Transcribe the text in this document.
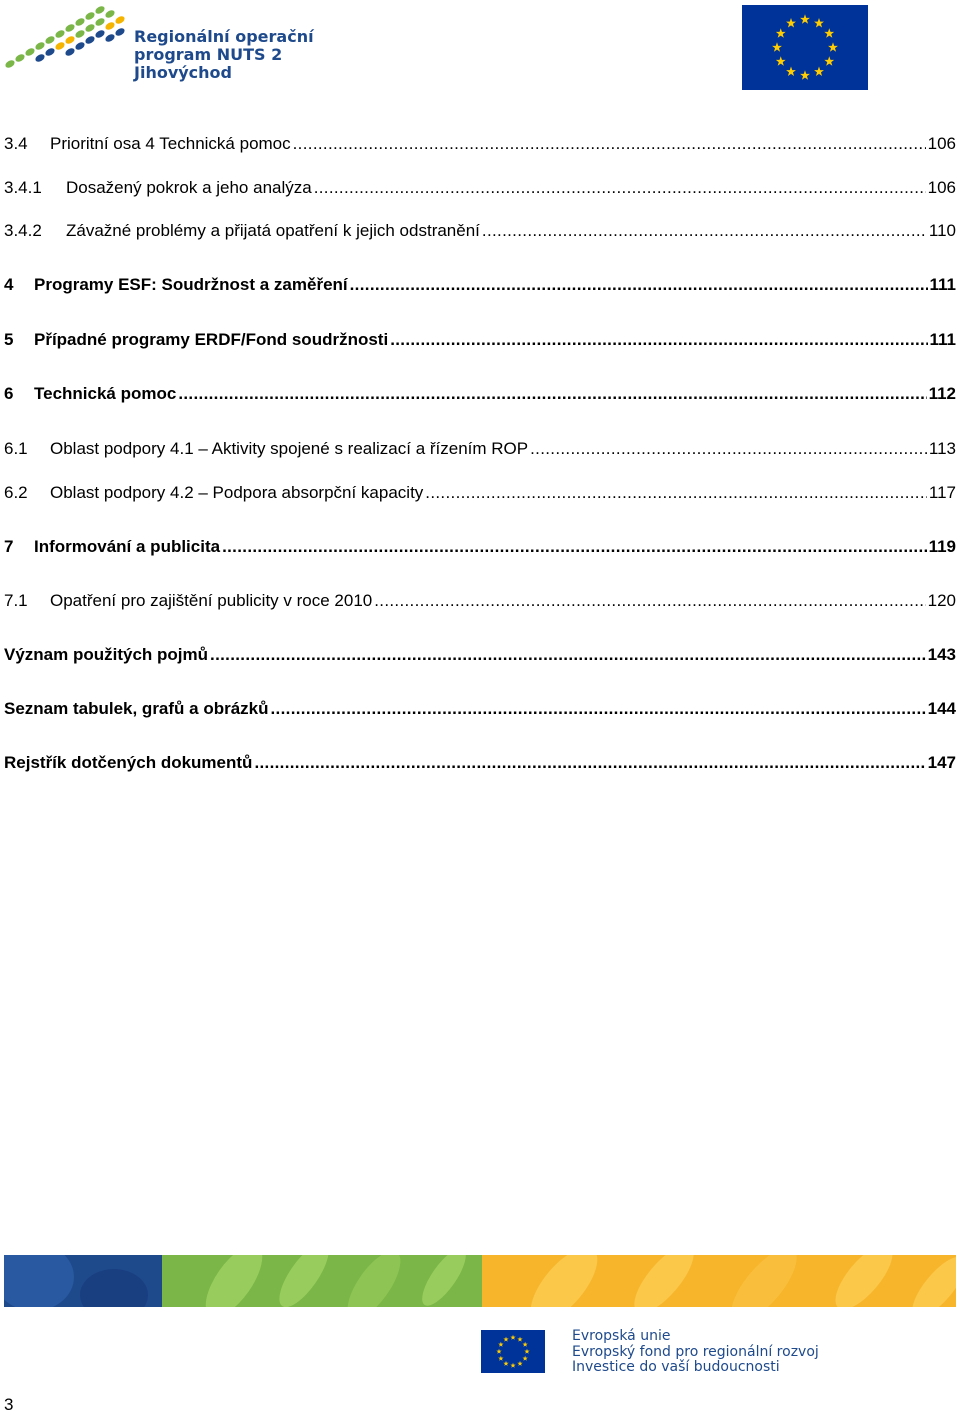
Regionální operační
program NUTS 2
Jihovýchod
3.4	Prioritní osa 4 Technická pomoc . . .	106
3.4.1	Dosažený pokrok a jeho analýza . . .	106
3.4.2	Závažné problémy a přijatá opatření k jejich odstranění . . .	110
4	Programy ESF: Soudržnost a zaměření . . .	111
5	Případné programy ERDF/Fond soudržnosti . . .	111
6	Technická pomoc . . .	112
6.1	Oblast podpory 4.1 – Aktivity spojené s realizací a řízením ROP . . .	113
6.2	Oblast podpory 4.2 – Podpora absorpční kapacity . . .	117
7	Informování a publicita . . .	119
7.1	Opatření pro zajištění publicity v roce 2010 . . .	120
Význam použitých pojmů . . .	143
Seznam tabulek, grafů a obrázků . . .	144
Rejstřík dotčených dokumentů . . .	147
Evropská unie
Evropský fond pro regionální rozvoj
Investice do vaší budoucnosti
3
